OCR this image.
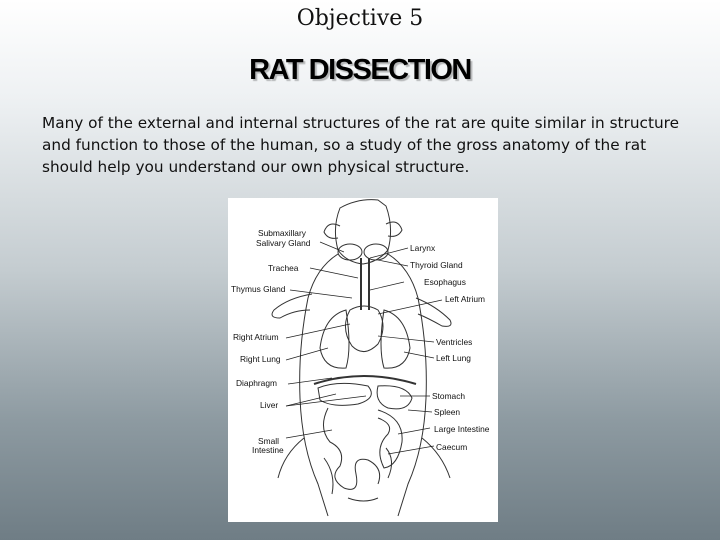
Objective 5
RAT DISSECTION
Many of the external and internal structures of the rat are quite similar in structure and function to those of the human, so a study of the gross anatomy of the rat should help you understand our own physical structure.
Submaxillary
Salivary Gland
Trachea
Thymus Gland
Right Atrium
Right Lung
Diaphragm
Liver
Small
Intestine
Larynx
Thyroid Gland
Esophagus
Left Atrium
Ventricles
Left Lung
Stomach
Spleen
Large Intestine
Caecum
